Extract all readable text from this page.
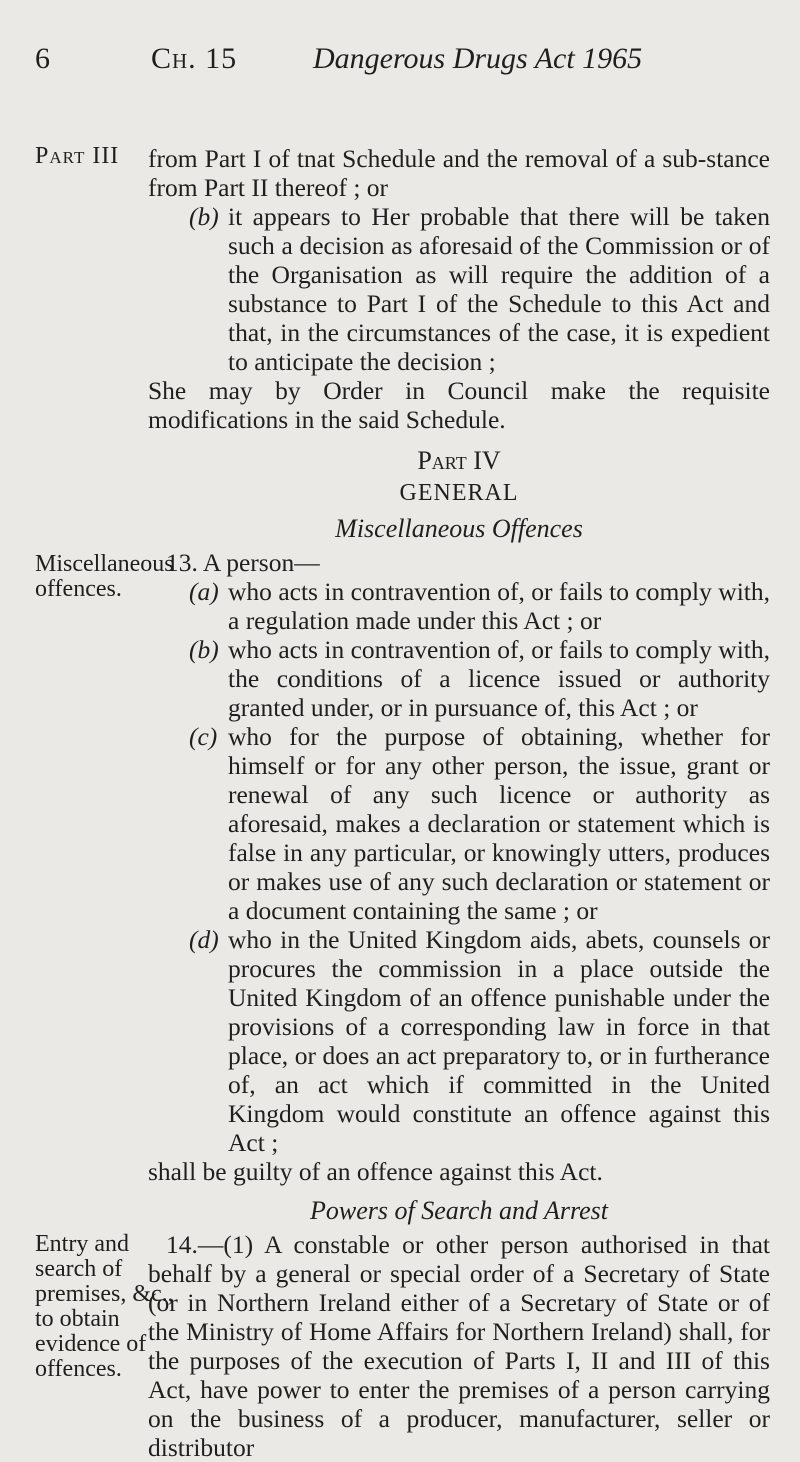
6	Ch. 15	Dangerous Drugs Act 1965
Part III
Miscellaneous
offences.
Entry and
search of
premises, &c.,
to obtain
evidence of
offences.

from Part I of tnat Schedule and the removal of a sub-stance from Part II thereof ; or

(b) it appears to Her probable that there will be taken such a decision as aforesaid of the Commission or of the Organisation as will require the addition of a substance to Part I of the Schedule to this Act and that, in the circumstances of the case, it is expedient to anticipate the decision ;

She may by Order in Council make the requisite modifications in the said Schedule.

Part IV
GENERAL
Miscellaneous Offences

13. A person—

(a) who acts in contravention of, or fails to comply with, a regulation made under this Act ; or
(b) who acts in contravention of, or fails to comply with, the conditions of a licence issued or authority granted under, or in pursuance of, this Act ; or
(c) who for the purpose of obtaining, whether for himself or for any other person, the issue, grant or renewal of any such licence or authority as aforesaid, makes a declaration or statement which is false in any particular, or knowingly utters, produces or makes use of any such declaration or statement or a document containing the same ; or
(d) who in the United Kingdom aids, abets, counsels or procures the commission in a place outside the United Kingdom of an offence punishable under the provisions of a corresponding law in force in that place, or does an act preparatory to, or in furtherance of, an act which if committed in the United Kingdom would constitute an offence against this Act ;

shall be guilty of an offence against this Act.

Powers of Search and Arrest

14.—(1) A constable or other person authorised in that behalf by a general or special order of a Secretary of State (or in Northern Ireland either of a Secretary of State or of the Ministry of Home Affairs for Northern Ireland) shall, for the purposes of the execution of Parts I, II and III of this Act, have power to enter the premises of a person carrying on the business of a producer, manufacturer, seller or distributor
